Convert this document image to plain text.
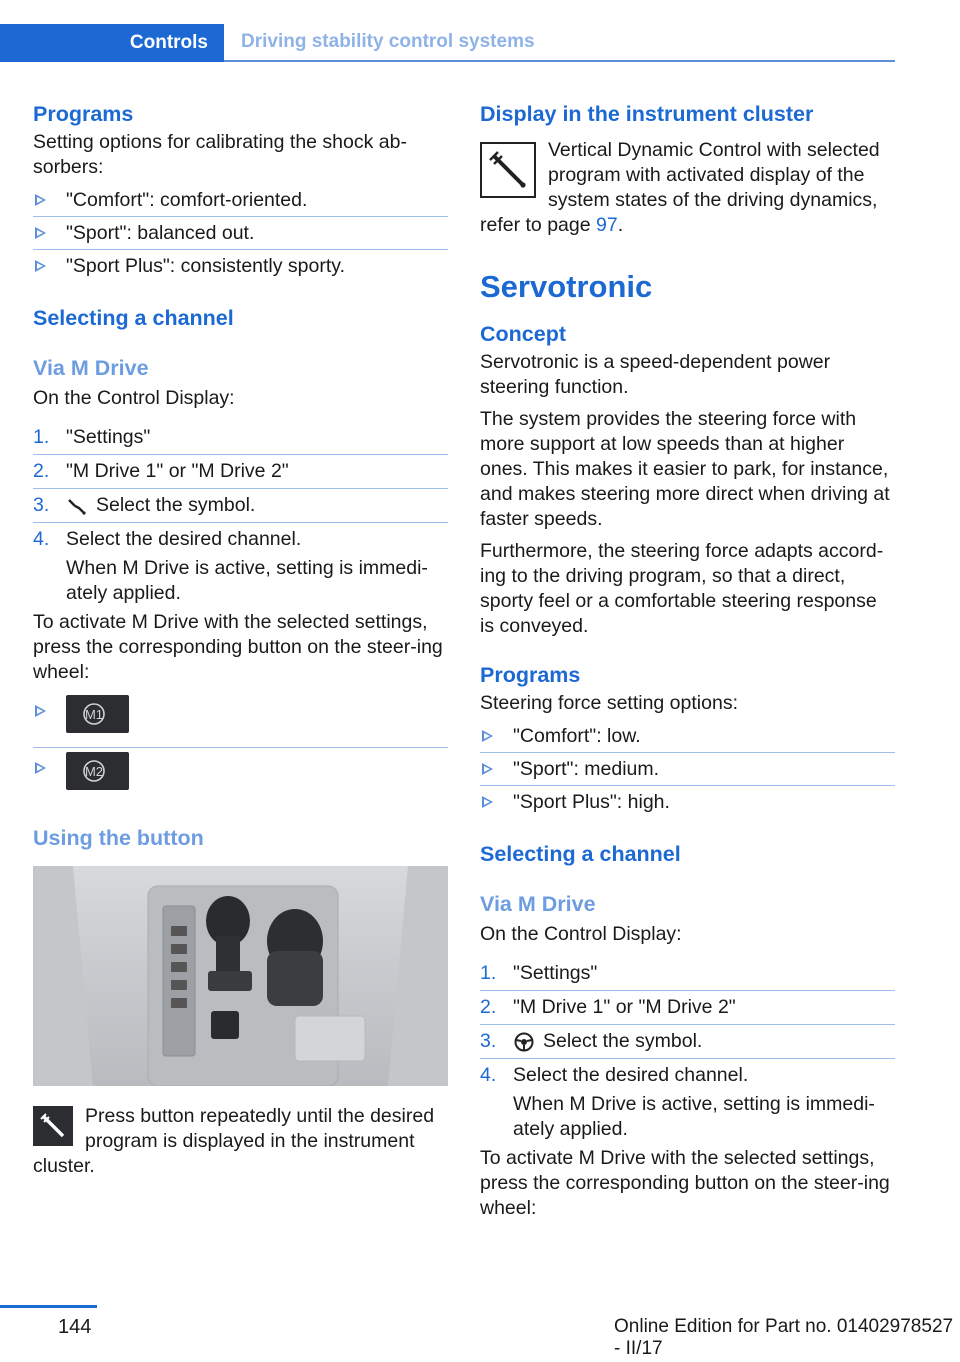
Controls	Driving stability control systems
Programs

Setting options for calibrating the shock ab-sorbers:

"Comfort": comfort-oriented.
"Sport": balanced out.
"Sport Plus": consistently sporty.
Selecting a channel
Via M Drive

On the Control Display:

1. "Settings"
2. "M Drive 1" or "M Drive 2"
3. Select the symbol.
4. Select the desired channel.
When M Drive is active, setting is immedi-ately applied.

To activate M Drive with the selected settings, press the corresponding button on the steer-ing wheel:

M1
M2
Using the button

Press button repeatedly until the desired program is displayed in the instrument cluster.

Display in the instrument cluster

Vertical Dynamic Control with selected program with activated display of the system states of the driving dynamics, refer to page 97.

Servotronic
Concept

Servotronic is a speed-dependent power steering function.

The system provides the steering force with more support at low speeds than at higher ones. This makes it easier to park, for instance, and makes steering more direct when driving at faster speeds.

Furthermore, the steering force adapts accord-ing to the driving program, so that a direct, sporty feel or a comfortable steering response is conveyed.

Programs

Steering force setting options:

"Comfort": low.
"Sport": medium.
"Sport Plus": high.
Selecting a channel
Via M Drive

On the Control Display:

1. "Settings"
2. "M Drive 1" or "M Drive 2"
3. Select the symbol.
4. Select the desired channel.
When M Drive is active, setting is immedi-ately applied.

To activate M Drive with the selected settings, press the corresponding button on the steer-ing wheel:

144	Online Edition for Part no. 01402978527 - II/17
